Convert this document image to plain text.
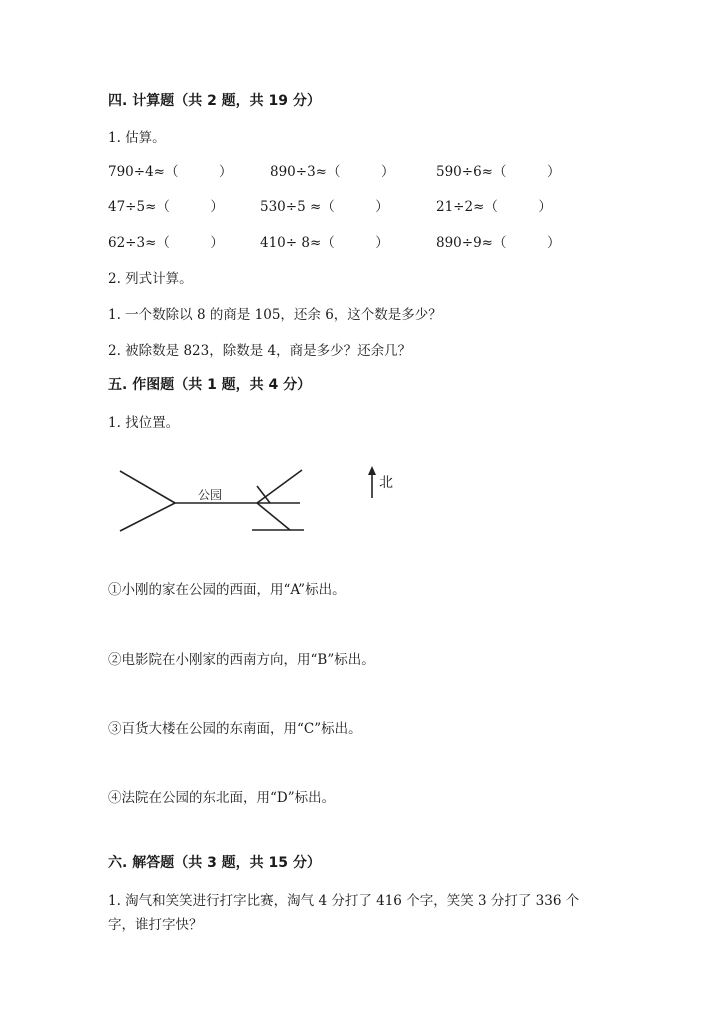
四. 计算题（共 2 题，共 19 分）
1. 估算。
790÷4≈（　　　）	890÷3≈（　　　）	590÷6≈（　　　）
47÷5≈（　　　）	530÷5 ≈（　　　）	21÷2≈（　　　）
62÷3≈（　　　）	410÷ 8≈（　　　）	890÷9≈（　　　）
2. 列式计算。
1. 一个数除以 8 的商是 105，还余 6，这个数是多少？
2. 被除数是 823，除数是 4，商是多少？还余几？
五. 作图题（共 1 题，共 4 分）
1. 找位置。
公园
北
①小刚的家在公园的西面，用“A”标出。
②电影院在小刚家的西南方向，用“B”标出。
③百货大楼在公园的东南面，用“C”标出。
④法院在公园的东北面，用“D”标出。
六. 解答题（共 3 题，共 15 分）
1. 淘气和笑笑进行打字比赛，淘气 4 分打了 416 个字，笑笑 3 分打了 336 个
字，谁打字快？
